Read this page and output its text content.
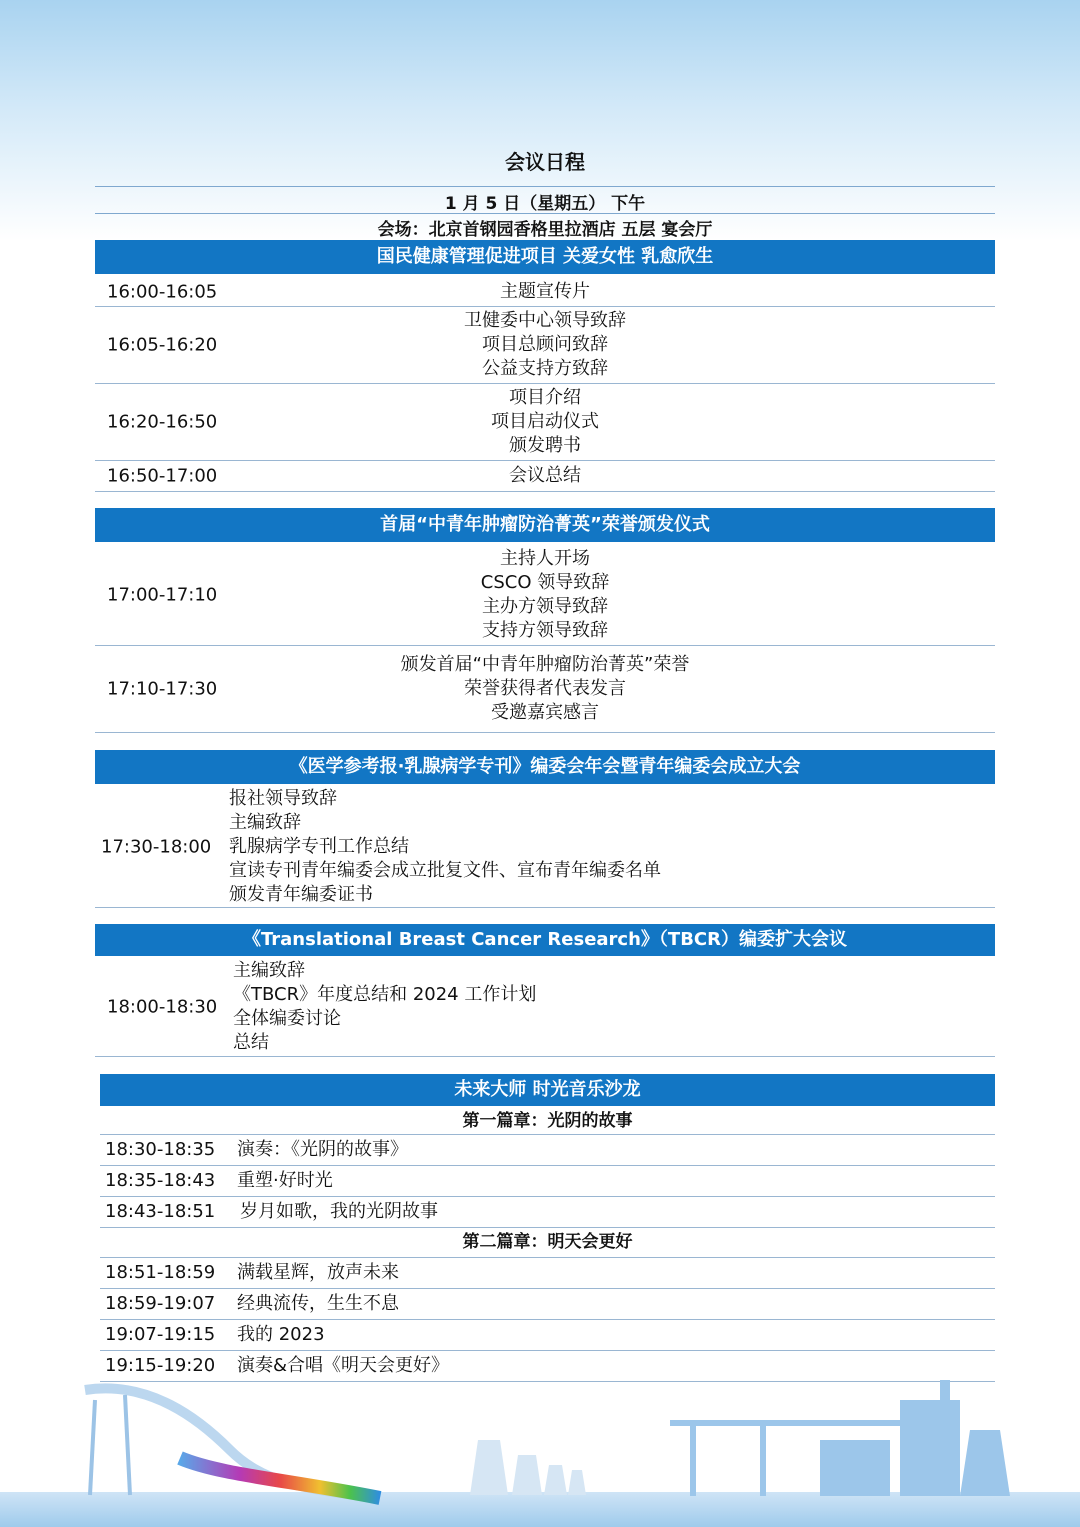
会议日程
1 月 5 日（星期五） 下午
会场：北京首钢园香格里拉酒店 五层 宴会厅
国民健康管理促进项目 关爱女性 乳愈欣生
16:00-16:05	主题宣传片
16:05-16:20
卫健委中心领导致辞
项目总顾问致辞
公益支持方致辞
16:20-16:50
项目介绍
项目启动仪式
颁发聘书
16:50-17:00	会议总结
首届“中青年肿瘤防治菁英”荣誉颁发仪式
17:00-17:10
主持人开场
CSCO 领导致辞
主办方领导致辞
支持方领导致辞
17:10-17:30
颁发首届“中青年肿瘤防治菁英”荣誉
荣誉获得者代表发言
受邀嘉宾感言
《医学参考报·乳腺病学专刊》编委会年会暨青年编委会成立大会
17:30-18:00
报社领导致辞
主编致辞
乳腺病学专刊工作总结
宣读专刊青年编委会成立批复文件、宣布青年编委名单
颁发青年编委证书
《Translational Breast Cancer Research》（TBCR）编委扩大会议
18:00-18:30
主编致辞
《TBCR》年度总结和 2024 工作计划
全体编委讨论
总结
未来大师 时光音乐沙龙
第一篇章：光阴的故事
18:30-18:35 演奏：《光阴的故事》
18:35-18:43 重塑·好时光
18:43-18:51 岁月如歌，我的光阴故事
第二篇章：明天会更好
18:51-18:59 满载星辉，放声未来
18:59-19:07 经典流传，生生不息
19:07-19:15 我的 2023
19:15-19:20 演奏&合唱《明天会更好》
